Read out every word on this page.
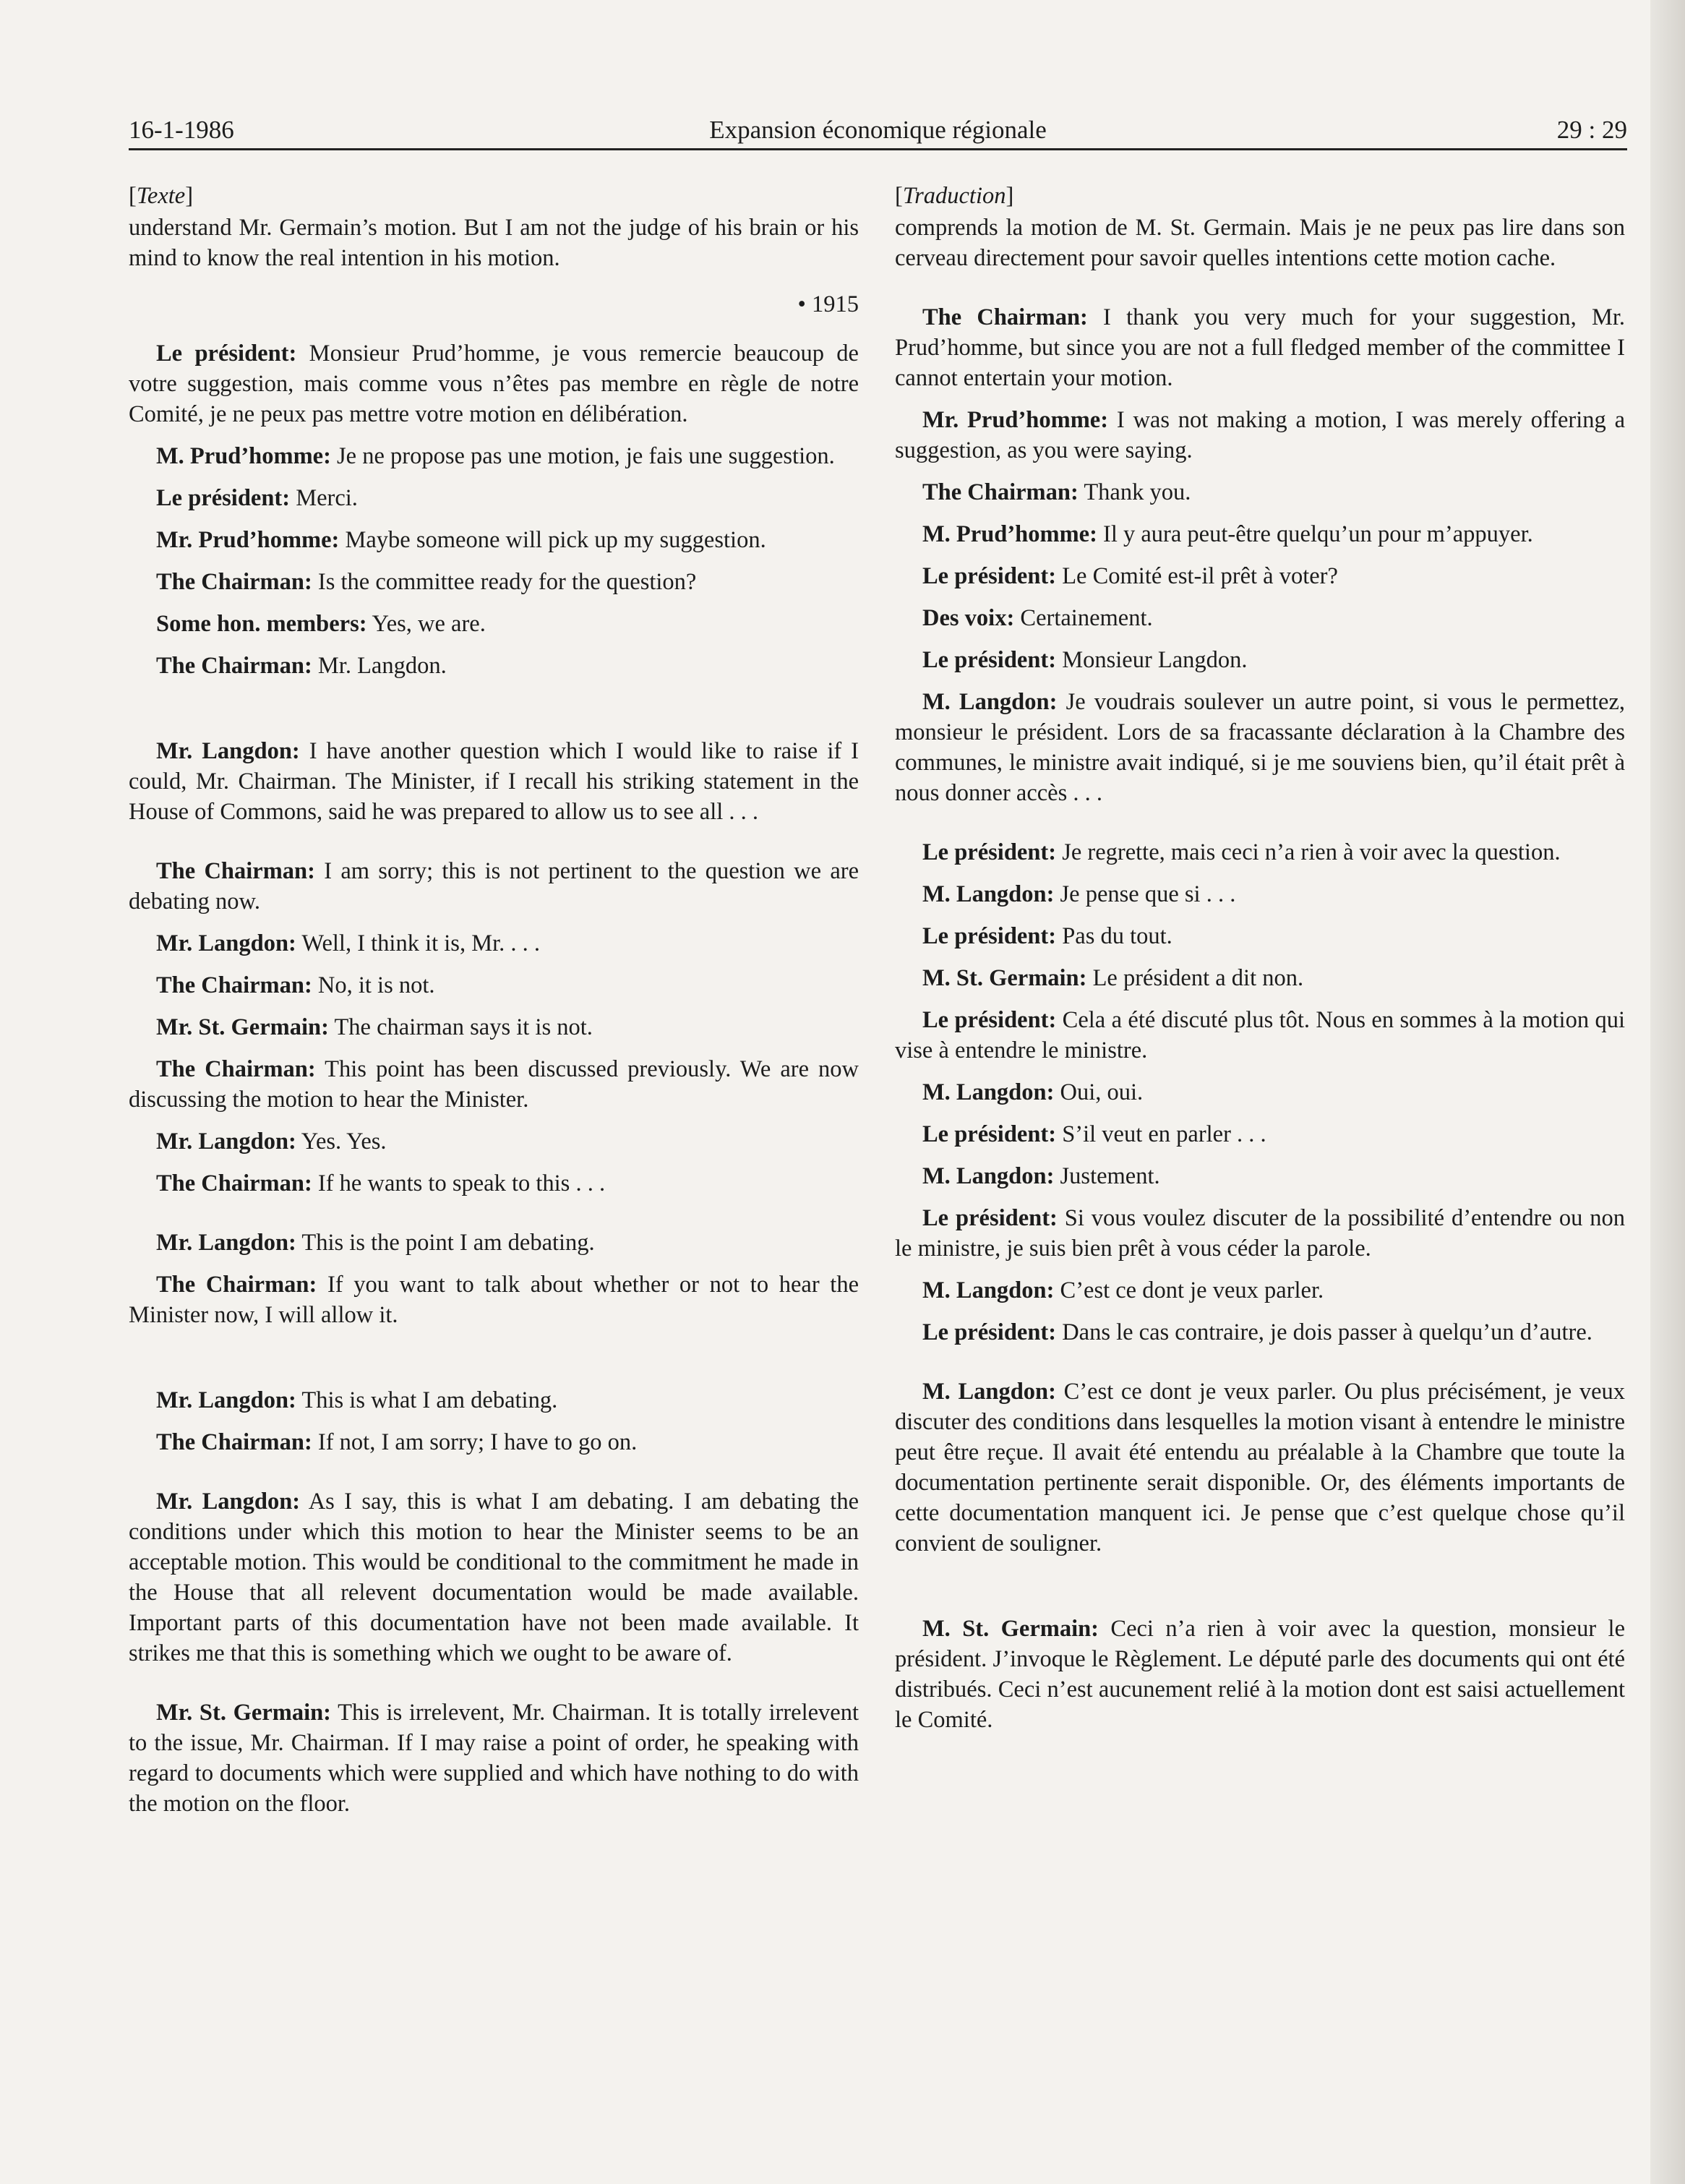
16-1-1986	Expansion économique régionale	29 : 29
[Texte]

understand Mr. Germain’s motion. But I am not the judge of his brain or his mind to know the real intention in his motion.

• 1915

Le président: Monsieur Prud’homme, je vous remercie beaucoup de votre suggestion, mais comme vous n’êtes pas membre en règle de notre Comité, je ne peux pas mettre votre motion en délibération.

M. Prud’homme: Je ne propose pas une motion, je fais une suggestion.

Le président: Merci.

Mr. Prud’homme: Maybe someone will pick up my suggestion.

The Chairman: Is the committee ready for the question?

Some hon. members: Yes, we are.

The Chairman: Mr. Langdon.

Mr. Langdon: I have another question which I would like to raise if I could, Mr. Chairman. The Minister, if I recall his striking statement in the House of Commons, said he was prepared to allow us to see all . . .

The Chairman: I am sorry; this is not pertinent to the question we are debating now.

Mr. Langdon: Well, I think it is, Mr. . . .

The Chairman: No, it is not.

Mr. St. Germain: The chairman says it is not.

The Chairman: This point has been discussed previously. We are now discussing the motion to hear the Minister.

Mr. Langdon: Yes. Yes.

The Chairman: If he wants to speak to this . . .

Mr. Langdon: This is the point I am debating.

The Chairman: If you want to talk about whether or not to hear the Minister now, I will allow it.

Mr. Langdon: This is what I am debating.

The Chairman: If not, I am sorry; I have to go on.

Mr. Langdon: As I say, this is what I am debating. I am debating the conditions under which this motion to hear the Minister seems to be an acceptable motion. This would be conditional to the commitment he made in the House that all relevent documentation would be made available. Important parts of this documentation have not been made available. It strikes me that this is something which we ought to be aware of.

Mr. St. Germain: This is irrelevent, Mr. Chairman. It is totally irrelevent to the issue, Mr. Chairman. If I may raise a point of order, he speaking with regard to documents which were supplied and which have nothing to do with the motion on the floor.

[Traduction]

comprends la motion de M. St. Germain. Mais je ne peux pas lire dans son cerveau directement pour savoir quelles intentions cette motion cache.

The Chairman: I thank you very much for your suggestion, Mr. Prud’homme, but since you are not a full fledged member of the committee I cannot entertain your motion.

Mr. Prud’homme: I was not making a motion, I was merely offering a suggestion, as you were saying.

The Chairman: Thank you.

M. Prud’homme: Il y aura peut-être quelqu’un pour m’appuyer.

Le président: Le Comité est-il prêt à voter?

Des voix: Certainement.

Le président: Monsieur Langdon.

M. Langdon: Je voudrais soulever un autre point, si vous le permettez, monsieur le président. Lors de sa fracassante déclaration à la Chambre des communes, le ministre avait indiqué, si je me souviens bien, qu’il était prêt à nous donner accès . . .

Le président: Je regrette, mais ceci n’a rien à voir avec la question.

M. Langdon: Je pense que si . . .

Le président: Pas du tout.

M. St. Germain: Le président a dit non.

Le président: Cela a été discuté plus tôt. Nous en sommes à la motion qui vise à entendre le ministre.

M. Langdon: Oui, oui.

Le président: S’il veut en parler . . .

M. Langdon: Justement.

Le président: Si vous voulez discuter de la possibilité d’entendre ou non le ministre, je suis bien prêt à vous céder la parole.

M. Langdon: C’est ce dont je veux parler.

Le président: Dans le cas contraire, je dois passer à quelqu’un d’autre.

M. Langdon: C’est ce dont je veux parler. Ou plus précisément, je veux discuter des conditions dans lesquelles la motion visant à entendre le ministre peut être reçue. Il avait été entendu au préalable à la Chambre que toute la documentation pertinente serait disponible. Or, des éléments importants de cette documentation manquent ici. Je pense que c’est quelque chose qu’il convient de souligner.

M. St. Germain: Ceci n’a rien à voir avec la question, monsieur le président. J’invoque le Règlement. Le député parle des documents qui ont été distribués. Ceci n’est aucunement relié à la motion dont est saisi actuellement le Comité.
